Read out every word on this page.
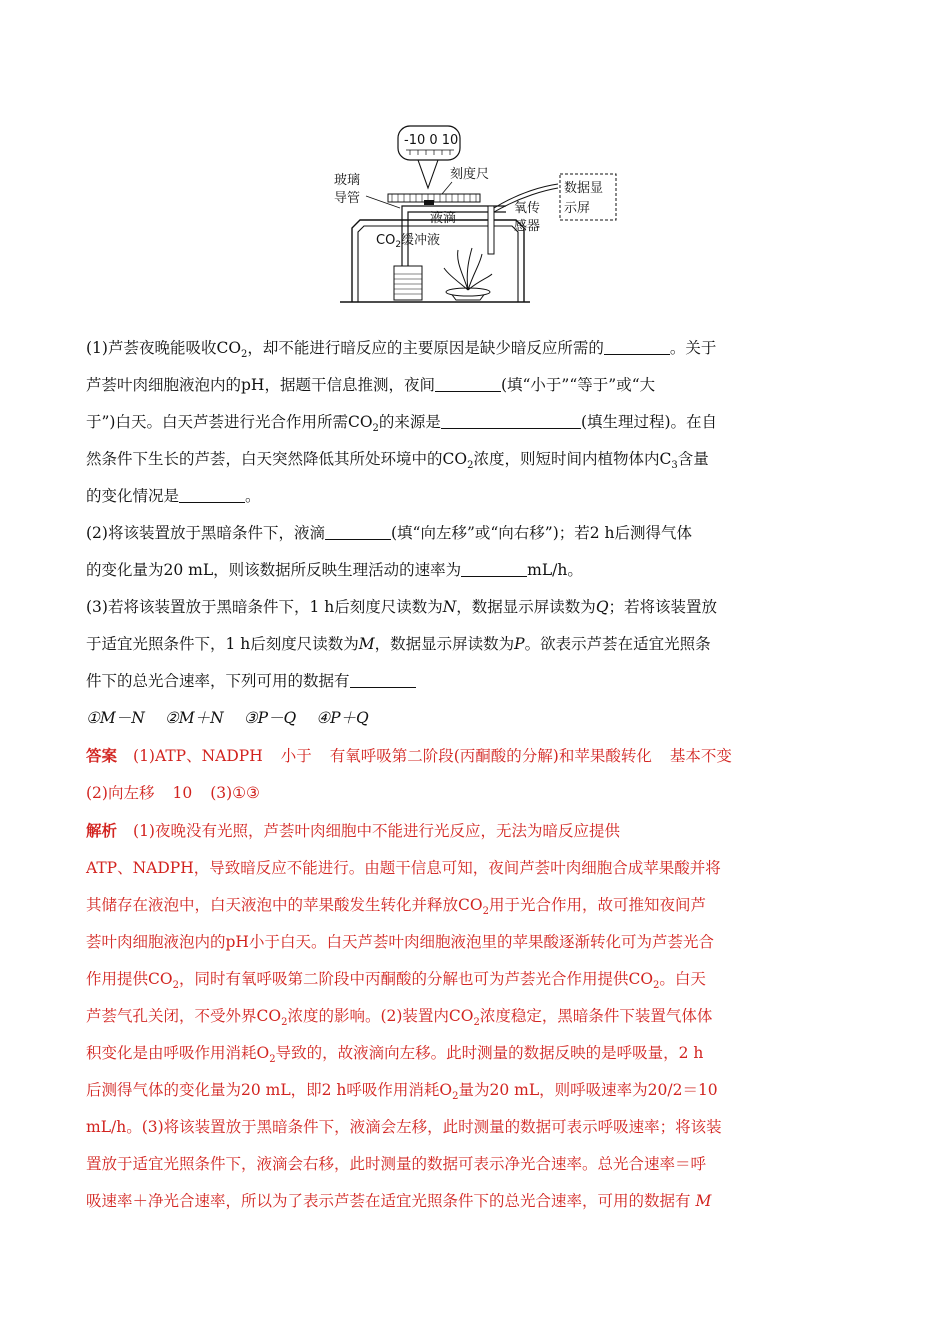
-10 0 10
刻度尺
玻璃
导管
液滴
氧传
感器
数据显
示屏
$CO_2$缓冲液

(1)芦荟夜晚能吸收$CO_2$，却不能进行暗反应的主要原因是缺少暗反应所需的	。关于

芦荟叶肉细胞液泡内的pH，据题干信息推测，夜间	(填“小于”“等于”或“大

于”)白天。白天芦荟进行光合作用所需$CO_2$的来源是	(填生理过程)。在自

然条件下生长的芦荟，白天突然降低其所处环境中的$CO_2$浓度，则短时间内植物体内$C_3$含量

的变化情况是	。

(2)将该装置放于黑暗条件下，液滴	(填“向左移”或“向右移”)；若2 h后测得气体

的变化量为20 mL，则该数据所反映生理活动的速率为	mL/h。

(3)若将该装置放于黑暗条件下，1 h后刻度尺读数为N，数据显示屏读数为Q；若将该装置放

于适宜光照条件下，1 h后刻度尺读数为M，数据显示屏读数为P。欲表示芦荟在适宜光照条

件下的总光合速率，下列可用的数据有

①M－N ②M＋N ③P－Q ④P＋Q

答案 (1)ATP、NADPH 小于 有氧呼吸第二阶段(丙酮酸的分解)和苹果酸转化 基本不变

(2)向左移 10 (3)①③

解析 (1)夜晚没有光照，芦荟叶肉细胞中不能进行光反应，无法为暗反应提供

ATP、NADPH，导致暗反应不能进行。由题干信息可知，夜间芦荟叶肉细胞合成苹果酸并将

其储存在液泡中，白天液泡中的苹果酸发生转化并释放$CO_2$用于光合作用，故可推知夜间芦

荟叶肉细胞液泡内的pH小于白天。白天芦荟叶肉细胞液泡里的苹果酸逐渐转化可为芦荟光合

作用提供$CO_2$，同时有氧呼吸第二阶段中丙酮酸的分解也可为芦荟光合作用提供$CO_2$。白天

芦荟气孔关闭，不受外界$CO_2$浓度的影响。(2)装置内$CO_2$浓度稳定，黑暗条件下装置气体体

积变化是由呼吸作用消耗$O_2$导致的，故液滴向左移。此时测量的数据反映的是呼吸量，2 h

后测得气体的变化量为20 mL，即2 h呼吸作用消耗$O_2$量为20 mL，则呼吸速率为20/2＝10

mL/h。(3)将该装置放于黑暗条件下，液滴会左移，此时测量的数据可表示呼吸速率；将该装

置放于适宜光照条件下，液滴会右移，此时测量的数据可表示净光合速率。总光合速率＝呼

吸速率＋净光合速率，所以为了表示芦荟在适宜光照条件下的总光合速率，可用的数据有 M
